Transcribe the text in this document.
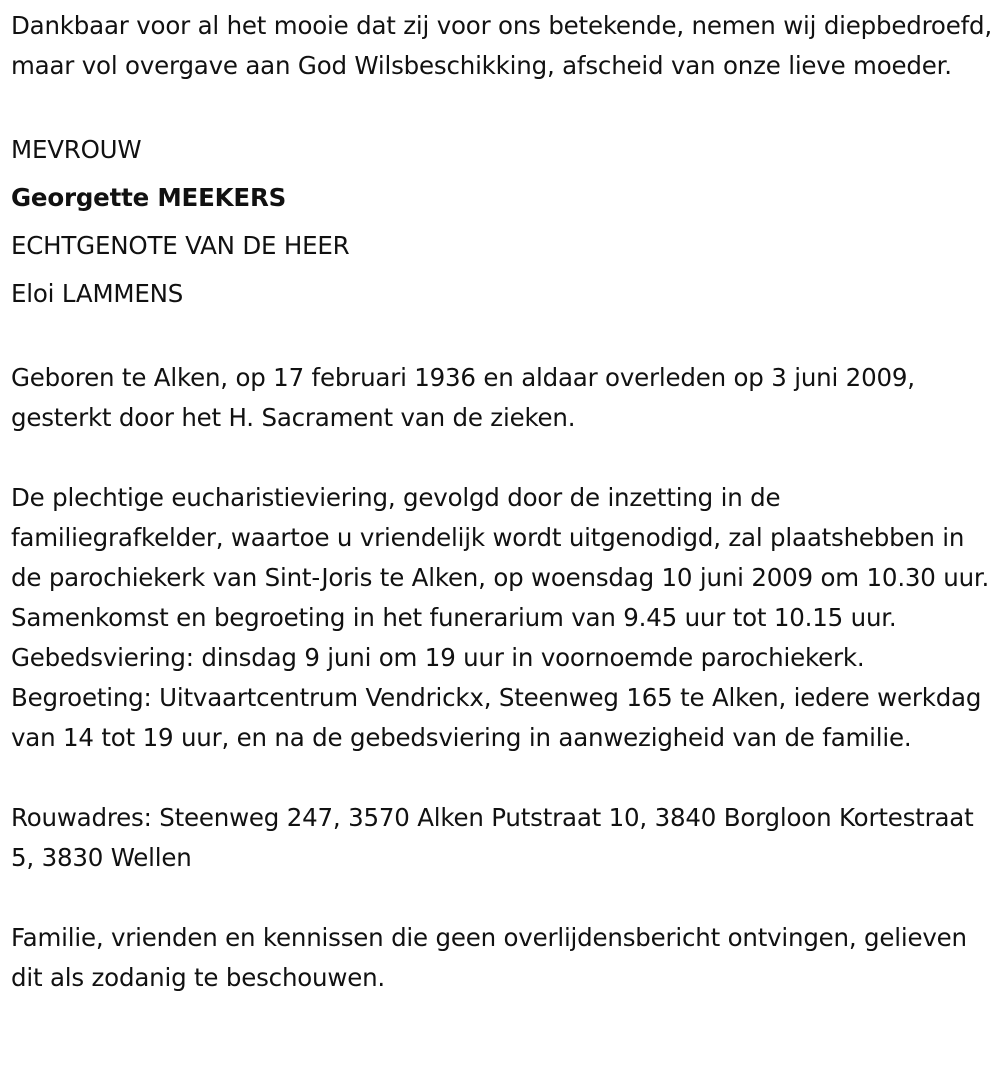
Dankbaar voor al het mooie dat zij voor ons betekende, nemen wij diepbedroefd, maar vol overgave aan God Wilsbeschikking, afscheid van onze lieve moeder.

MEVROUW

Georgette MEEKERS

ECHTGENOTE VAN DE HEER

Eloi LAMMENS

Geboren te Alken, op 17 februari 1936 en aldaar overleden op 3 juni 2009, gesterkt door het H. Sacrament van de zieken.

De plechtige eucharistieviering, gevolgd door de inzetting in de familiegrafkelder, waartoe u vriendelijk wordt uitgenodigd, zal plaatshebben in de parochiekerk van Sint-Joris te Alken, op woensdag 10 juni 2009 om 10.30 uur. Samenkomst en begroeting in het funerarium van 9.45 uur tot 10.15 uur. Gebedsviering: dinsdag 9 juni om 19 uur in voornoemde parochiekerk. Begroeting: Uitvaartcentrum Vendrickx, Steenweg 165 te Alken, iedere werkdag van 14 tot 19 uur, en na de gebedsviering in aanwezigheid van de familie.

Rouwadres: Steenweg 247, 3570 Alken Putstraat 10, 3840 Borgloon Kortestraat 5, 3830 Wellen

Familie, vrienden en kennissen die geen overlijdensbericht ontvingen, gelieven dit als zodanig te beschouwen.
